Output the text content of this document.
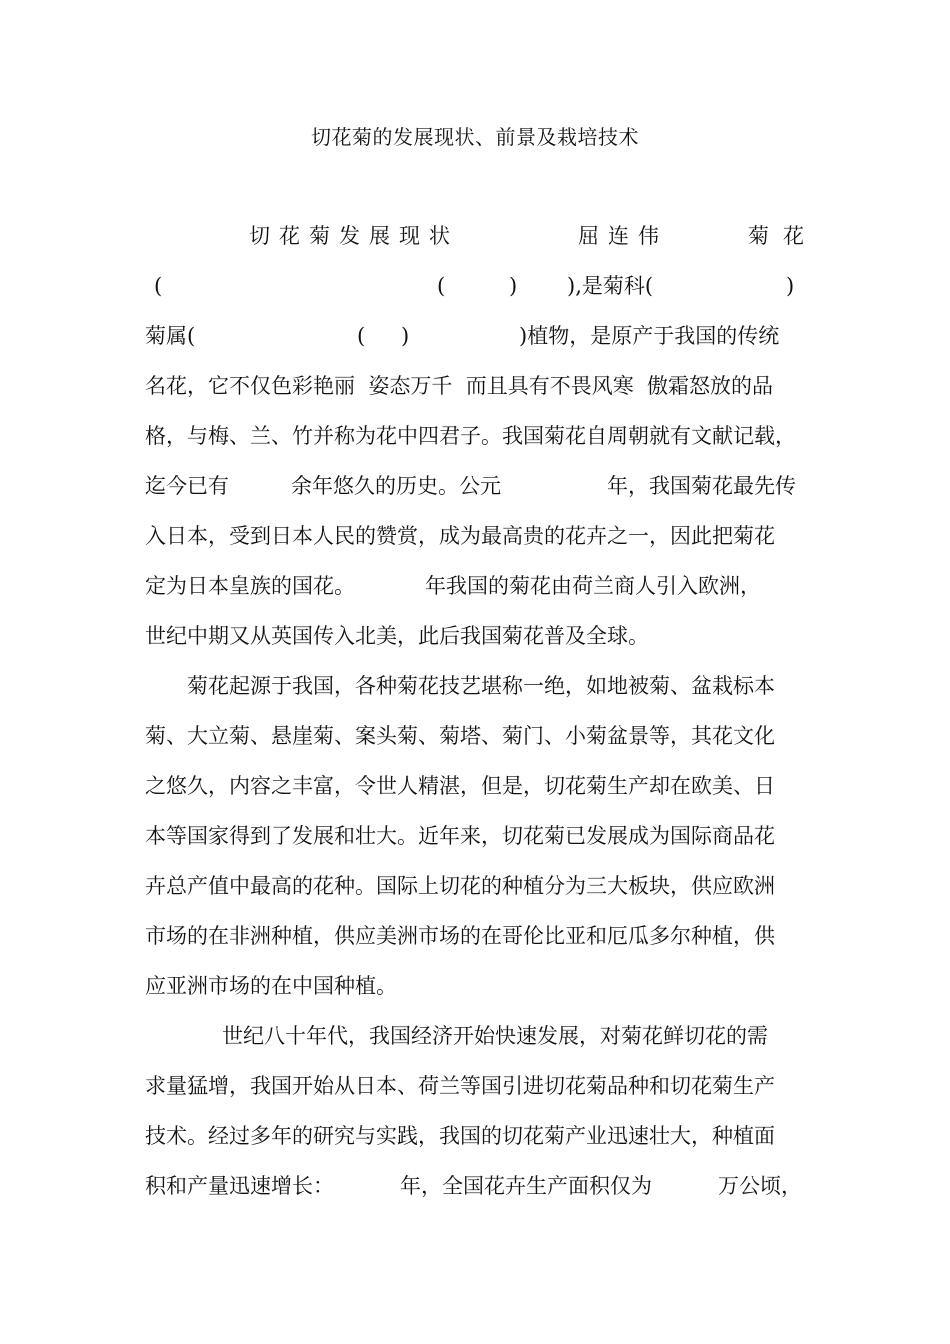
切花菊的发展现状、前景及栽培技术
切花菊发展现状	屈连伟	菊花
(	(	) ),是菊科(	)
菊属(	( )	)植物，是原产于我国的传统
名花，它不仅色彩艳丽  姿态万千  而且具有不畏风寒  傲霜怒放的品
格，与梅、兰、竹并称为花中四君子。我国菊花自周朝就有文献记载，
迄今已有	余年悠久的历史。公元	年，我国菊花最先传
入日本，受到日本人民的赞赏，成为最高贵的花卉之一，因此把菊花
定为日本皇族的国花。	年我国的菊花由荷兰商人引入欧洲，
世纪中期又从英国传入北美，此后我国菊花普及全球。
菊花起源于我国，各种菊花技艺堪称一绝，如地被菊、盆栽标本
菊、大立菊、悬崖菊、案头菊、菊塔、菊门、小菊盆景等，其花文化
之悠久，内容之丰富，令世人精湛，但是，切花菊生产却在欧美、日
本等国家得到了发展和壮大。近年来，切花菊已发展成为国际商品花
卉总产值中最高的花种。国际上切花的种植分为三大板块，供应欧洲
市场的在非洲种植，供应美洲市场的在哥伦比亚和厄瓜多尔种植，供
应亚洲市场的在中国种植。
世纪八十年代，我国经济开始快速发展，对菊花鲜切花的需
求量猛增，我国开始从日本、荷兰等国引进切花菊品种和切花菊生产
技术。经过多年的研究与实践，我国的切花菊产业迅速壮大，种植面
积和产量迅速增长：	年，全国花卉生产面积仅为	万公顷，
